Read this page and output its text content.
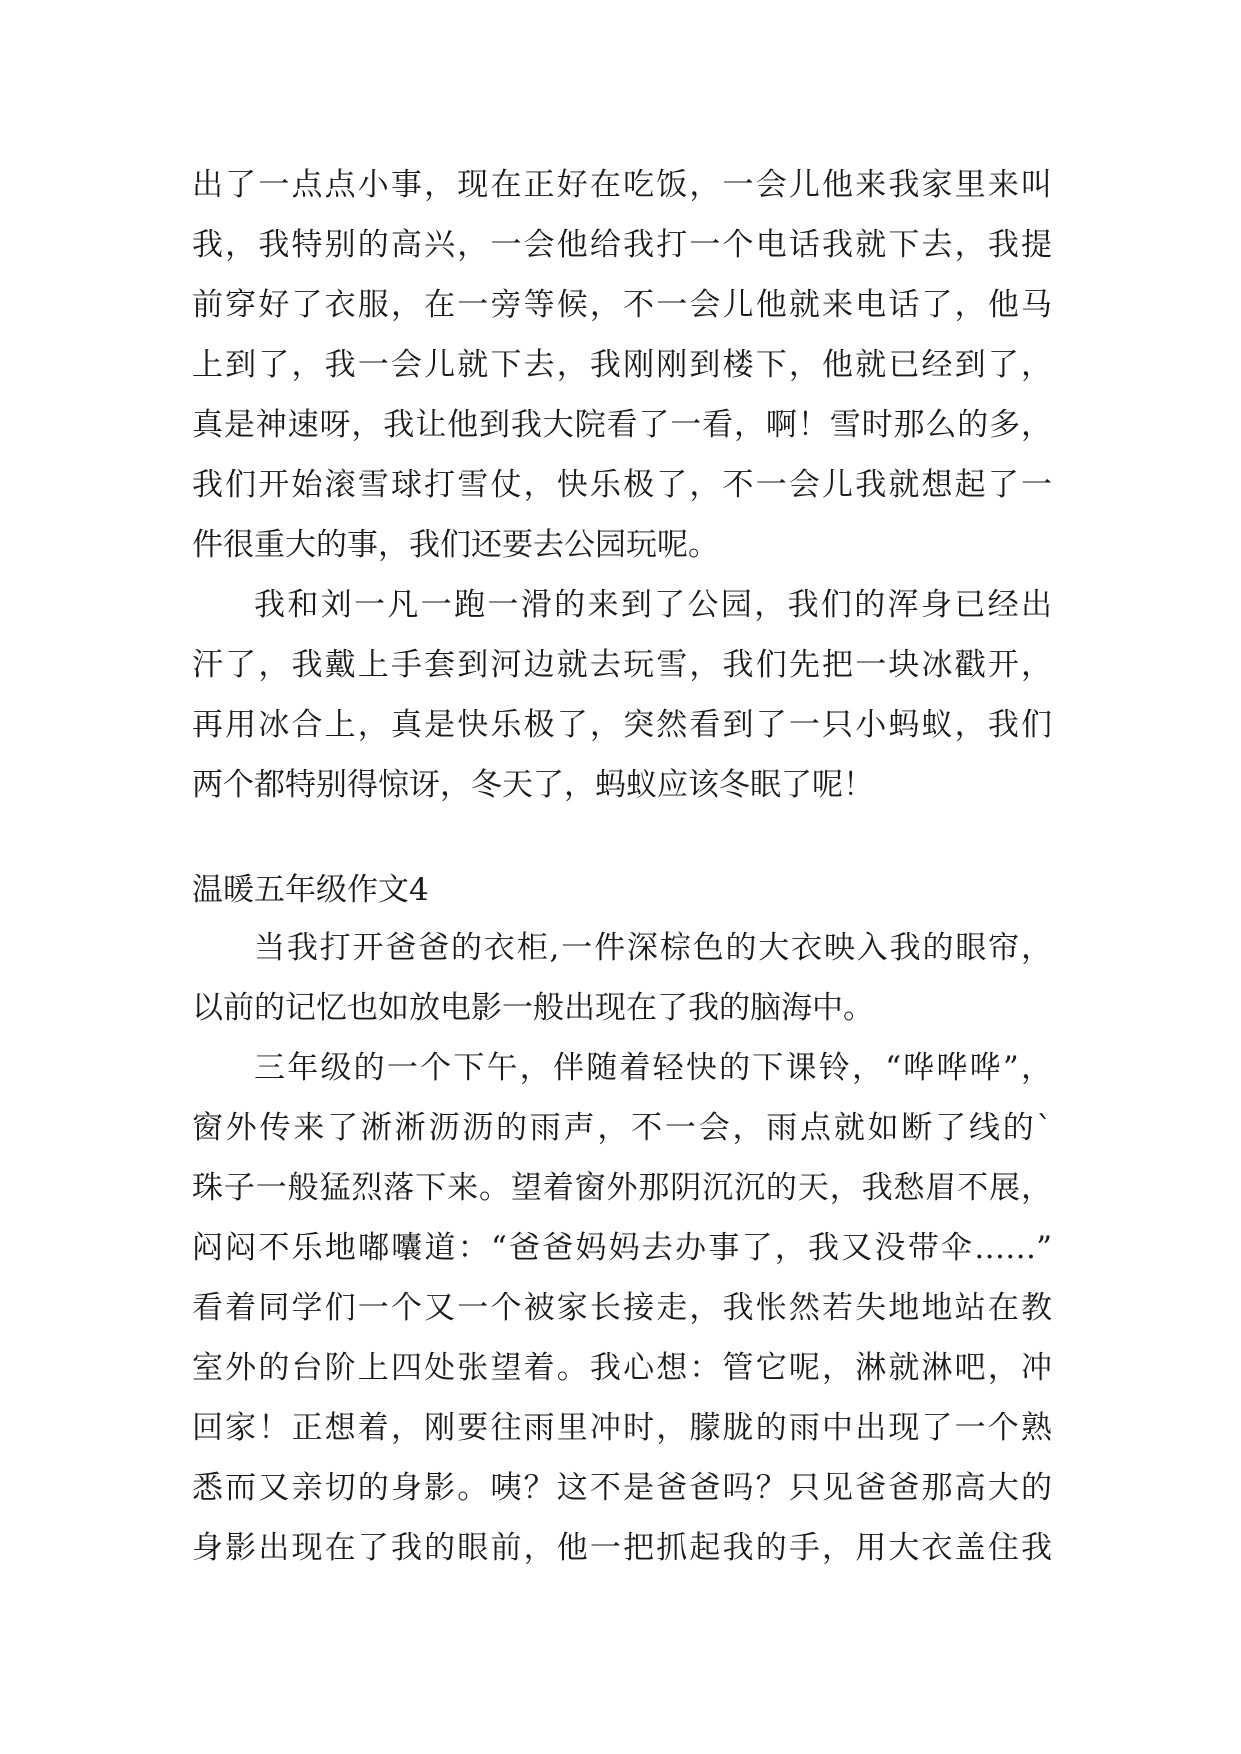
出了一点点小事，现在正好在吃饭，一会儿他来我家里来叫
我，我特别的高兴，一会他给我打一个电话我就下去，我提
前穿好了衣服，在一旁等候，不一会儿他就来电话了，他马
上到了，我一会儿就下去，我刚刚到楼下，他就已经到了，
真是神速呀，我让他到我大院看了一看，啊！雪时那么的多，
我们开始滚雪球打雪仗，快乐极了，不一会儿我就想起了一
件很重大的事，我们还要去公园玩呢。
我和刘一凡一跑一滑的来到了公园，我们的浑身已经出
汗了，我戴上手套到河边就去玩雪，我们先把一块冰戳开，
再用冰合上，真是快乐极了，突然看到了一只小蚂蚁，我们
两个都特别得惊讶，冬天了，蚂蚁应该冬眠了呢！
温暖五年级作文4
当我打开爸爸的衣柜,一件深棕色的大衣映入我的眼帘，
以前的记忆也如放电影一般出现在了我的脑海中。
三年级的一个下午，伴随着轻快的下课铃，“哗哗哗”，
窗外传来了淅淅沥沥的雨声，不一会，雨点就如断了线的`
珠子一般猛烈落下来。望着窗外那阴沉沉的天，我愁眉不展，
闷闷不乐地嘟囔道：“爸爸妈妈去办事了，我又没带伞……”
看着同学们一个又一个被家长接走，我怅然若失地地站在教
室外的台阶上四处张望着。我心想：管它呢，淋就淋吧，冲
回家！正想着，刚要往雨里冲时，朦胧的雨中出现了一个熟
悉而又亲切的身影。咦？这不是爸爸吗？只见爸爸那高大的
身影出现在了我的眼前，他一把抓起我的手，用大衣盖住我
